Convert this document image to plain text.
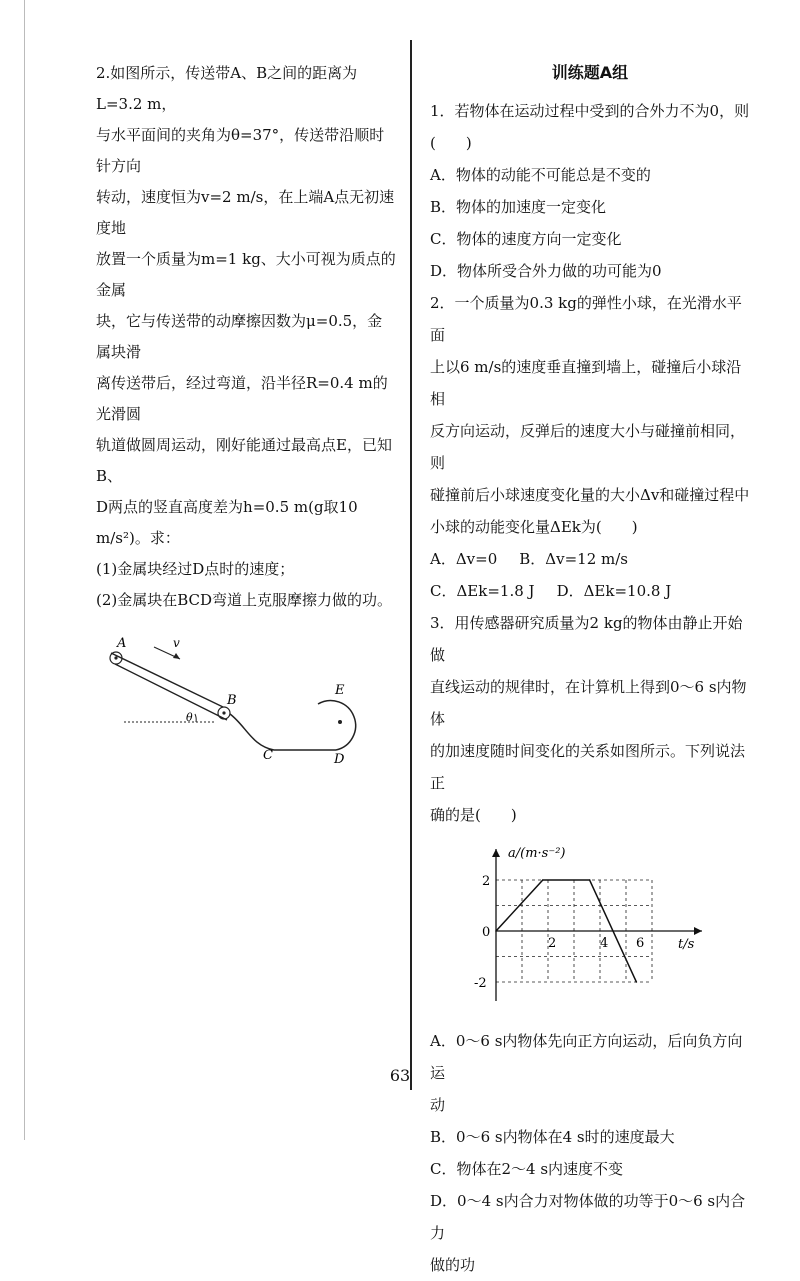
2.如图所示，传送带A、B之间的距离为L=3.2 m，

与水平面间的夹角为θ=37°，传送带沿顺时针方向

转动，速度恒为v=2 m/s，在上端A点无初速度地

放置一个质量为m=1 kg、大小可视为质点的金属

块，它与传送带的动摩擦因数为μ=0.5，金属块滑

离传送带后，经过弯道，沿半径R=0.4 m的光滑圆

轨道做圆周运动，刚好能通过最高点E，已知B、

D两点的竖直高度差为h=0.5 m(g取10 m/s²)。求：

(1)金属块经过D点时的速度；

(2)金属块在BCD弯道上克服摩擦力做的功。

A	v
B
θ
C	D
E
训练题A组

1．若物体在运动过程中受到的合外力不为0，则

(　　)

A．物体的动能不可能总是不变的

B．物体的加速度一定变化

C．物体的速度方向一定变化

D．物体所受合外力做的功可能为0

2．一个质量为0.3 kg的弹性小球，在光滑水平面

上以6 m/s的速度垂直撞到墙上，碰撞后小球沿相

反方向运动，反弹后的速度大小与碰撞前相同，则

碰撞前后小球速度变化量的大小Δv和碰撞过程中

小球的动能变化量ΔEk为(　　)

A．Δv=0 B．Δv=12 m/s

C．ΔEk=1.8 J D．ΔEk=10.8 J

3．用传感器研究质量为2 kg的物体由静止开始做

直线运动的规律时，在计算机上得到0～6 s内物体

的加速度随时间变化的关系如图所示。下列说法正

确的是(　　)

a/(m·s⁻²)
t/s
2
0
-2
2	4 6

A．0～6 s内物体先向正方向运动，后向负方向运

动

B．0～6 s内物体在4 s时的速度最大

C．物体在2～4 s内速度不变

D．0～4 s内合力对物体做的功等于0～6 s内合力

做的功

63
